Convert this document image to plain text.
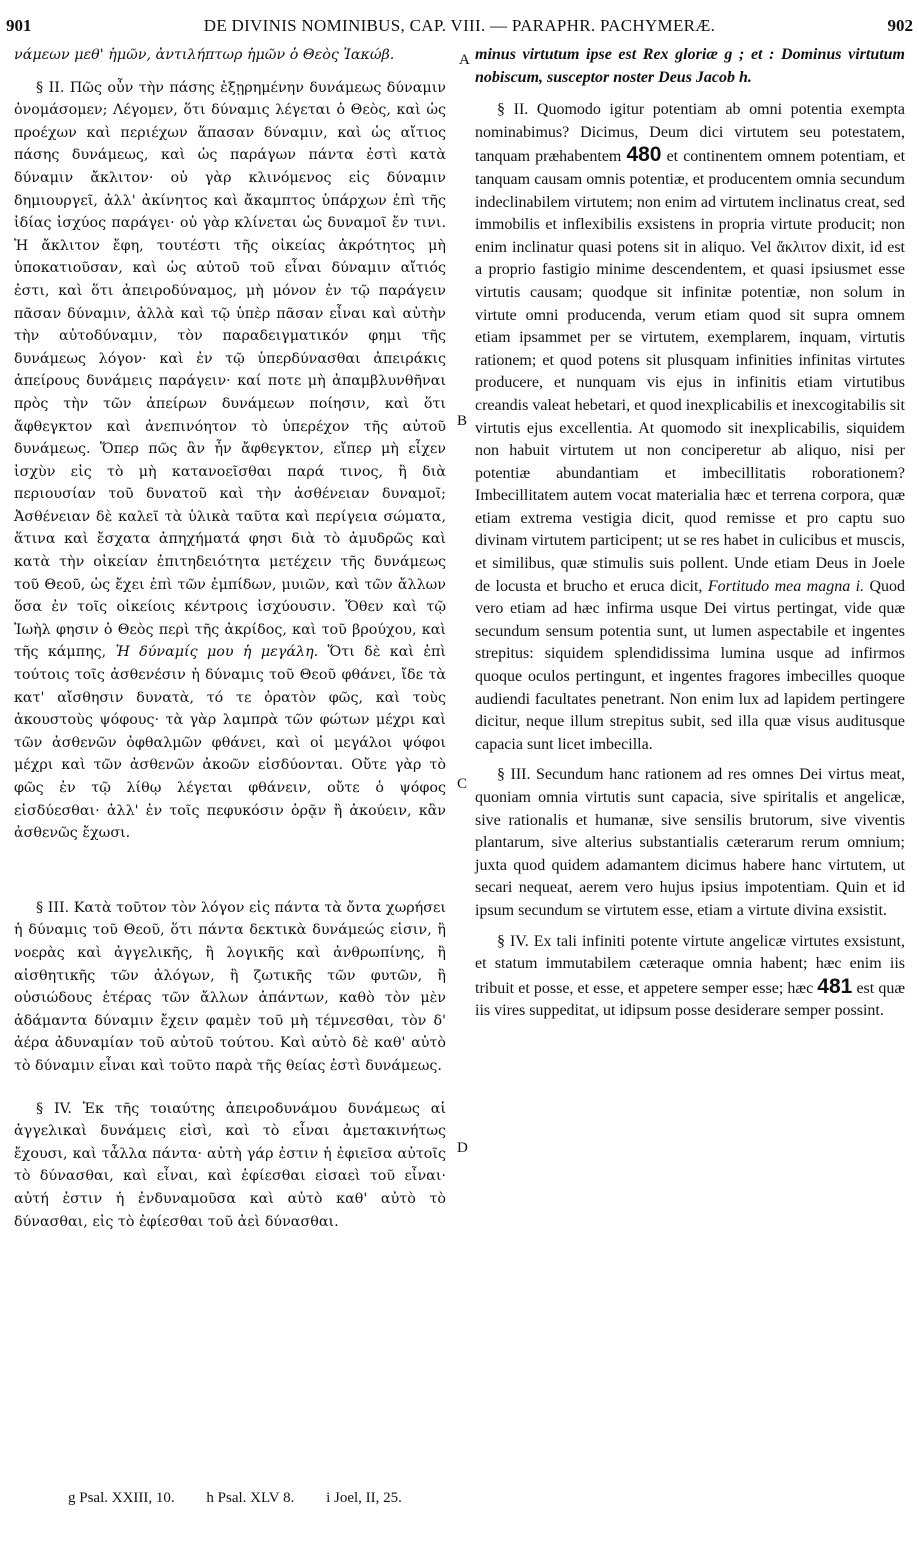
901	DE DIVINIS NOMINIBUS, CAP. VIII. — PARAPHR. PACHYMERÆ.	902

νάμεων μεθ' ἡμῶν, ἀντιλήπτωρ ἡμῶν ὁ Θεὸς Ἰακώβ.

§ II. Πῶς οὖν τὴν πάσης ἐξῃρημένην δυνάμεως δύναμιν ὀνομάσομεν; Λέγομεν, ὅτι δύναμις λέγεται ὁ Θεὸς, καὶ ὡς προέχων καὶ περιέχων ἅπασαν δύναμιν, καὶ ὡς αἴτιος πάσης δυνάμεως, καὶ ὡς παράγων πάντα ἐστὶ κατὰ δύναμιν ἄκλιτον· οὐ γὰρ κλινόμενος εἰς δύναμιν δημιουργεῖ, ἀλλ' ἀκίνητος καὶ ἄκαμπτος ὑπάρχων ἐπὶ τῆς ἰδίας ἰσχύος παράγει· οὐ γὰρ κλίνεται ὡς δυναμοῖ ἔν τινι. Ἡ ἄκλιτον ἔφη, τουτέστι τῆς οἰκείας ἀκρότητος μὴ ὑποκατιοῦσαν, καὶ ὡς αὐτοῦ τοῦ εἶναι δύναμιν αἴτιός ἐστι, καὶ ὅτι ἀπειροδύναμος, μὴ μόνον ἐν τῷ παράγειν πᾶσαν δύναμιν, ἀλλὰ καὶ τῷ ὑπὲρ πᾶσαν εἶναι καὶ αὐτὴν τὴν αὐτοδύναμιν, τὸν παραδειγματικόν φημι τῆς δυνάμεως λόγον· καὶ ἐν τῷ ὑπερδύνασθαι ἀπειράκις ἀπείρους δυνάμεις παράγειν· καί ποτε μὴ ἀπαμβλυνθῆναι πρὸς τὴν τῶν ἀπείρων δυνάμεων ποίησιν, καὶ ὅτι ἄφθεγκτον καὶ ἀνεπινόητον τὸ ὑπερέχον τῆς αὐτοῦ δυνάμεως. Ὅπερ πῶς ἂν ἦν ἄφθεγκτον, εἴπερ μὴ εἶχεν ἰσχὺν εἰς τὸ μὴ κατανοεῖσθαι παρά τινος, ἢ διὰ περιουσίαν τοῦ δυνατοῦ καὶ τὴν ἀσθένειαν δυναμοῖ; Ἀσθένειαν δὲ καλεῖ τὰ ὑλικὰ ταῦτα καὶ περίγεια σώματα, ἅτινα καὶ ἔσχατα ἀπηχήματά φησι διὰ τὸ ἀμυδρῶς καὶ κατὰ τὴν οἰκείαν ἐπιτηδειότητα μετέχειν τῆς δυνάμεως τοῦ Θεοῦ, ὡς ἔχει ἐπὶ τῶν ἐμπίδων, μυιῶν, καὶ τῶν ἄλλων ὅσα ἐν τοῖς οἰκείοις κέντροις ἰσχύουσιν. Ὅθεν καὶ τῷ Ἰωὴλ φησιν ὁ Θεὸς περὶ τῆς ἀκρίδος, καὶ τοῦ βρούχου, καὶ τῆς κάμπης, Ἡ δύναμίς μου ἡ μεγάλη. Ὅτι δὲ καὶ ἐπὶ τούτοις τοῖς ἀσθενέσιν ἡ δύναμις τοῦ Θεοῦ φθάνει, ἴδε τὰ κατ' αἴσθησιν δυνατὰ, τό τε ὁρατὸν φῶς, καὶ τοὺς ἀκουστοὺς ψόφους· τὰ γὰρ λαμπρὰ τῶν φώτων μέχρι καὶ τῶν ἀσθενῶν ὀφθαλμῶν φθάνει, καὶ οἱ μεγάλοι ψόφοι μέχρι καὶ τῶν ἀσθενῶν ἀκοῶν εἰσδύονται. Οὔτε γὰρ τὸ φῶς ἐν τῷ λίθῳ λέγεται φθάνειν, οὔτε ὁ ψόφος εἰσδύεσθαι· ἀλλ' ἐν τοῖς πεφυκόσιν ὁρᾷν ἢ ἀκούειν, κἂν ἀσθενῶς ἔχωσι.

§ III. Κατὰ τοῦτον τὸν λόγον εἰς πάντα τὰ ὄντα χωρήσει ἡ δύναμις τοῦ Θεοῦ, ὅτι πάντα δεκτικὰ δυνάμεώς εἰσιν, ἢ νοερὰς καὶ ἀγγελικῆς, ἢ λογικῆς καὶ ἀνθρωπίνης, ἢ αἰσθητικῆς τῶν ἀλόγων, ἢ ζωτικῆς τῶν φυτῶν, ἢ οὐσιώδους ἑτέρας τῶν ἄλλων ἁπάντων, καθὸ τὸν μὲν ἀδάμαντα δύναμιν ἔχειν φαμὲν τοῦ μὴ τέμνεσθαι, τὸν δ' ἀέρα ἀδυναμίαν τοῦ αὐτοῦ τούτου. Καὶ αὐτὸ δὲ καθ' αὐτὸ τὸ δύναμιν εἶναι καὶ τοῦτο παρὰ τῆς θείας ἐστὶ δυνάμεως.

§ IV. Ἐκ τῆς τοιαύτης ἀπειροδυνάμου δυνάμεως αἱ ἀγγελικαὶ δυνάμεις εἰσὶ, καὶ τὸ εἶναι ἀμετακινήτως ἔχουσι, καὶ τἆλλα πάντα· αὐτὴ γάρ ἐστιν ἡ ἐφιεῖσα αὐτοῖς τὸ δύνασθαι, καὶ εἶναι, καὶ ἐφίεσθαι εἰσαεὶ τοῦ εἶναι· αὐτή ἐστιν ἡ ἐνδυναμοῦσα καὶ αὐτὸ καθ' αὐτὸ τὸ δύνασθαι, εἰς τὸ ἐφίεσθαι τοῦ ἀεὶ δύνασθαι.

minus virtutum ipse est Rex gloriæ g ; et : Dominus virtutum nobiscum, susceptor noster Deus Jacob h.

§ II. Quomodo igitur potentiam ab omni potentia exempta nominabimus? Dicimus, Deum dici virtutem seu potestatem, tanquam præhabentem 480 et continentem omnem potentiam, et tanquam causam omnis potentiæ, et producentem omnia secundum indeclinabilem virtutem; non enim ad virtutem inclinatus creat, sed immobilis et inflexibilis exsistens in propria virtute producit; non enim inclinatur quasi potens sit in aliquo. Vel ἄκλιτον dixit, id est a proprio fastigio minime descendentem, et quasi ipsiusmet esse virtutis causam; quodque sit infinitæ potentiæ, non solum in virtute omni producenda, verum etiam quod sit supra omnem etiam ipsammet per se virtutem, exemplarem, inquam, virtutis rationem; et quod potens sit plusquam infinities infinitas virtutes producere, et nunquam vis ejus in infinitis etiam virtutibus creandis valeat hebetari, et quod inexplicabilis et inexcogitabilis sit virtutis ejus excellentia. At quomodo sit inexplicabilis, siquidem non habuit virtutem ut non conciperetur ab aliquo, nisi per potentiæ abundantiam et imbecillitatis roborationem? Imbecillitatem autem vocat materialia hæc et terrena corpora, quæ etiam extrema vestigia dicit, quod remisse et pro captu suo divinam virtutem participent; ut se res habet in culicibus et muscis, et similibus, quæ stimulis suis pollent. Unde etiam Deus in Joele de locusta et brucho et eruca dicit, Fortitudo mea magna i. Quod vero etiam ad hæc infirma usque Dei virtus pertingat, vide quæ secundum sensum potentia sunt, ut lumen aspectabile et ingentes strepitus: siquidem splendidissima lumina usque ad infirmos quoque oculos pertingunt, et ingentes fragores imbecilles quoque audiendi facultates penetrant. Non enim lux ad lapidem pertingere dicitur, neque illum strepitus subit, sed illa quæ visus auditusque capacia sunt licet imbecilla.

§ III. Secundum hanc rationem ad res omnes Dei virtus meat, quoniam omnia virtutis sunt capacia, sive spiritalis et angelicæ, sive rationalis et humanæ, sive sensilis brutorum, sive viventis plantarum, sive alterius substantialis cæterarum rerum omnium; juxta quod quidem adamantem dicimus habere hanc virtutem, ut secari nequeat, aerem vero hujus ipsius impotentiam. Quin et id ipsum secundum se virtutem esse, etiam a virtute divina exsistit.

§ IV. Ex tali infiniti potente virtute angelicæ virtutes exsistunt, et statum immutabilem cæteraque omnia habent; hæc enim iis tribuit et posse, et esse, et appetere semper esse; hæc 481 est quæ iis vires suppeditat, ut idipsum posse desiderare semper possint.

A
B
C
D
g Psal. XXIII, 10. h Psal. XLV 8. i Joel, II, 25.
